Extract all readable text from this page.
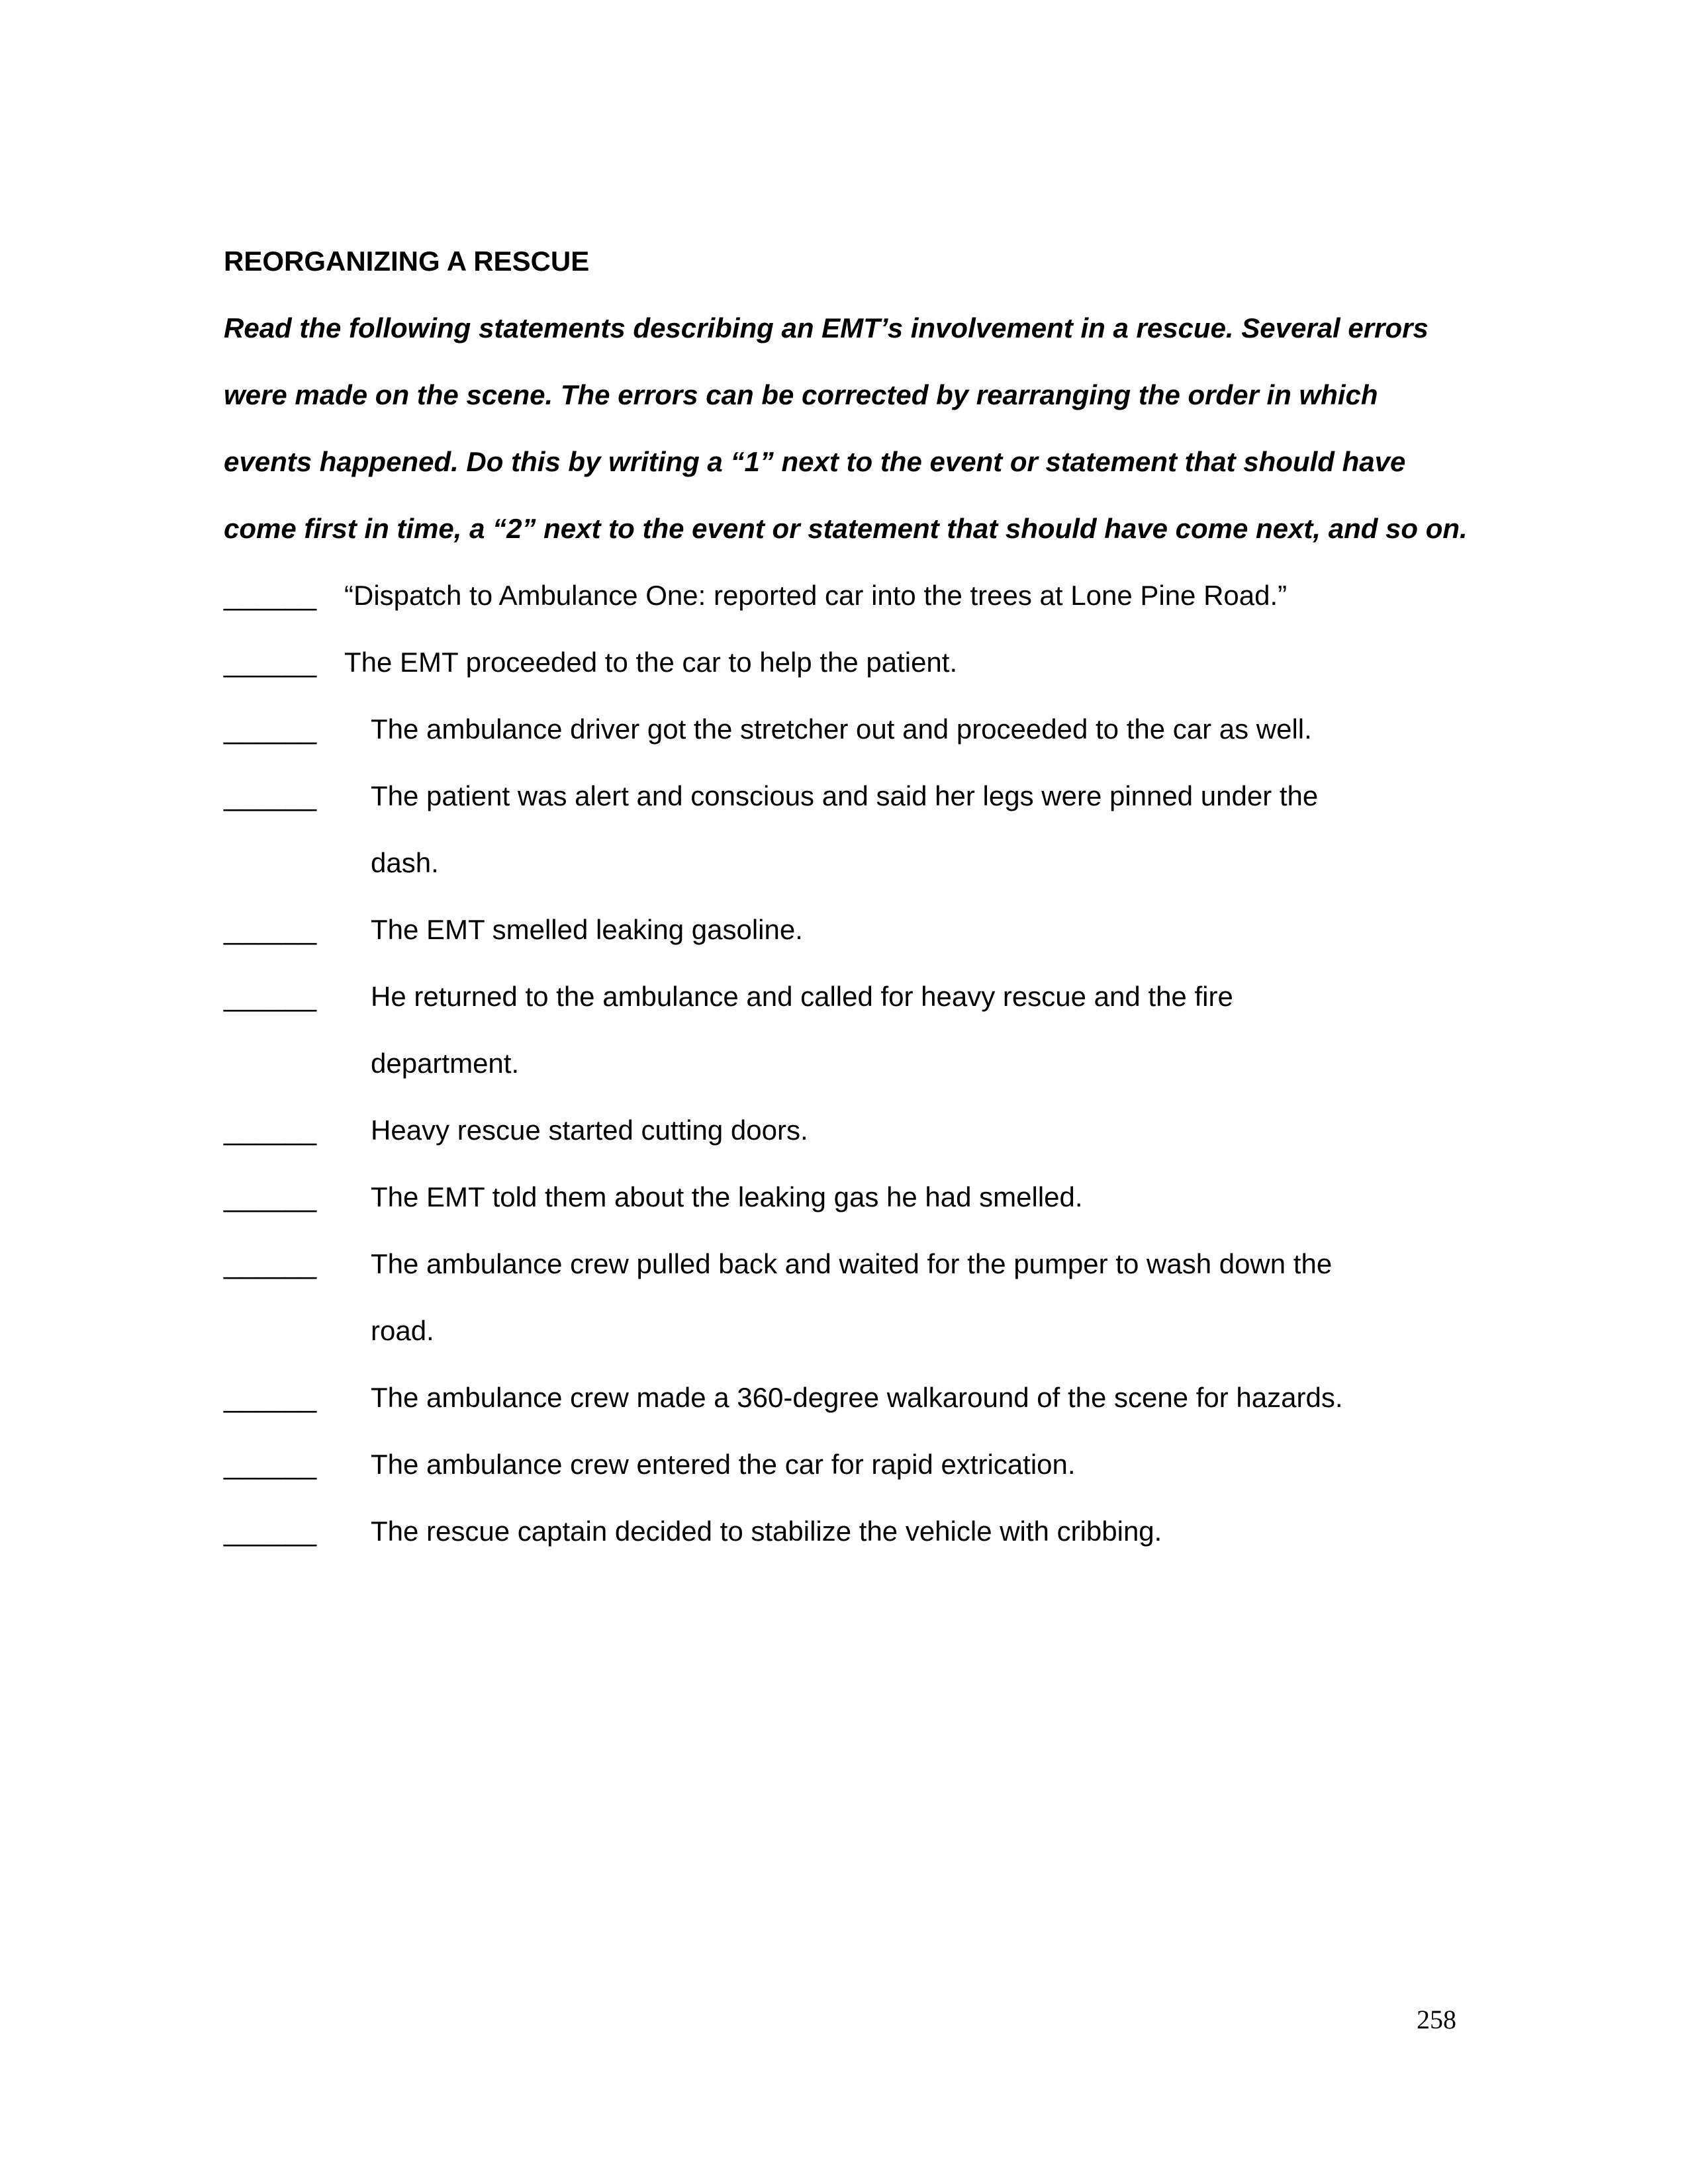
REORGANIZING A RESCUE

Read the following statements describing an EMT’s involvement in a rescue. Several errors were made on the scene. The errors can be corrected by rearranging the order in which events happened. Do this by writing a “1” next to the event or statement that should have come first in time, a “2” next to the event or statement that should have come next, and so on.

______ “Dispatch to Ambulance One: reported car into the trees at Lone Pine Road.”
______ The EMT proceeded to the car to help the patient.
______	The ambulance driver got the stretcher out and proceeded to the car as well.
______	The patient was alert and conscious and said her legs were pinned under the dash.
______	The EMT smelled leaking gasoline.
______	He returned to the ambulance and called for heavy rescue and the fire department.
______	Heavy rescue started cutting doors.
______	The EMT told them about the leaking gas he had smelled.
______	The ambulance crew pulled back and waited for the pumper to wash down the road.
______	The ambulance crew made a 360-degree walkaround of the scene for hazards.
______	The ambulance crew entered the car for rapid extrication.
______	The rescue captain decided to stabilize the vehicle with cribbing.
258
